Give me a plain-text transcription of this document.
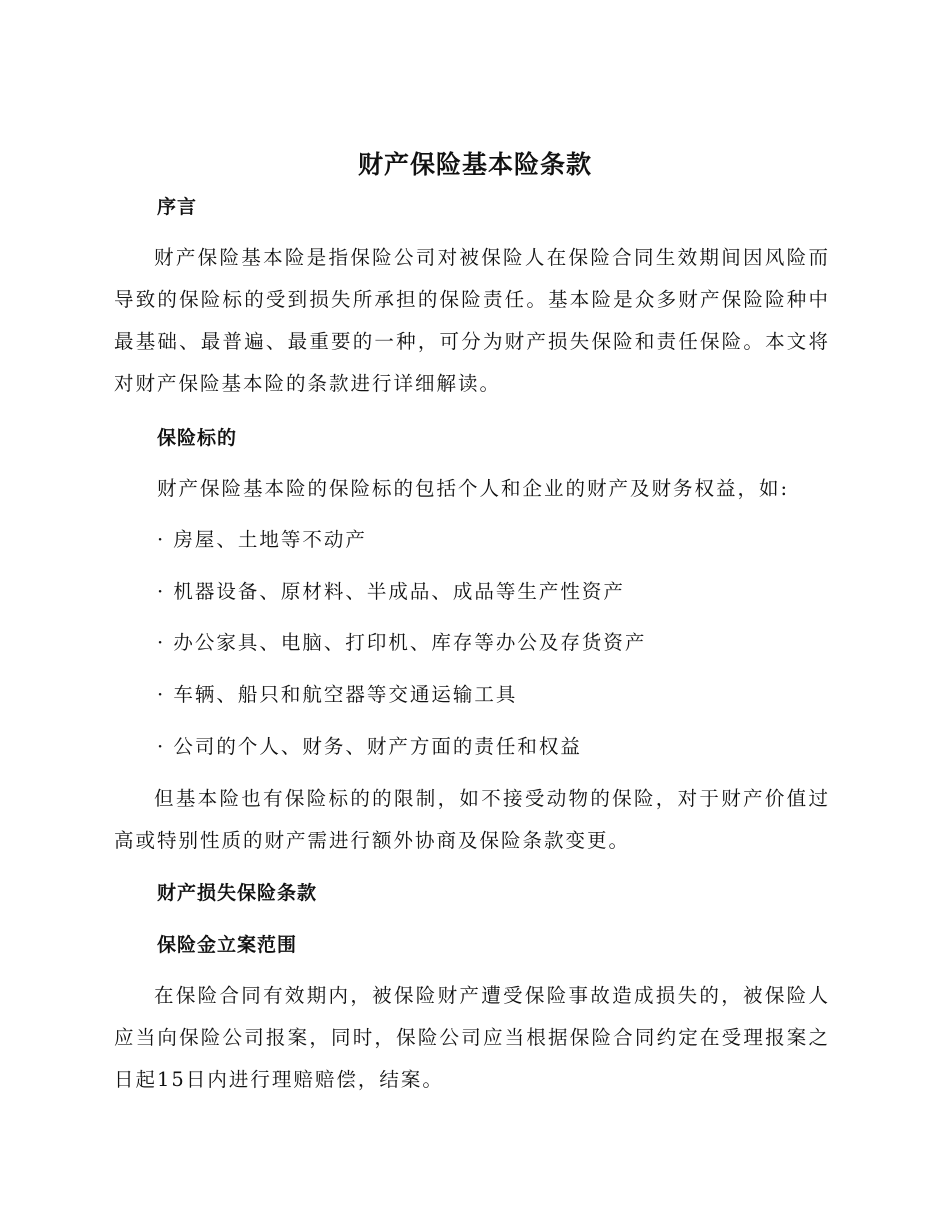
财产保险基本险条款
序言

财产保险基本险是指保险公司对被保险人在保险合同生效期间因风险而导致的保险标的受到损失所承担的保险责任。基本险是众多财产保险险种中最基础、最普遍、最重要的一种，可分为财产损失保险和责任保险。本文将对财产保险基本险的条款进行详细解读。

保险标的
财产保险基本险的保险标的包括个人和企业的财产及财务权益，如:
· 房屋、土地等不动产
· 机器设备、原材料、半成品、成品等生产性资产
· 办公家具、电脑、打印机、库存等办公及存货资产
· 车辆、船只和航空器等交通运输工具
· 公司的个人、财务、财产方面的责任和权益

但基本险也有保险标的的限制，如不接受动物的保险，对于财产价值过高或特别性质的财产需进行额外协商及保险条款变更。

财产损失保险条款
保险金立案范围

在保险合同有效期内，被保险财产遭受保险事故造成损失的，被保险人应当向保险公司报案，同时，保险公司应当根据保险合同约定在受理报案之日起15日内进行理赔赔偿，结案。
